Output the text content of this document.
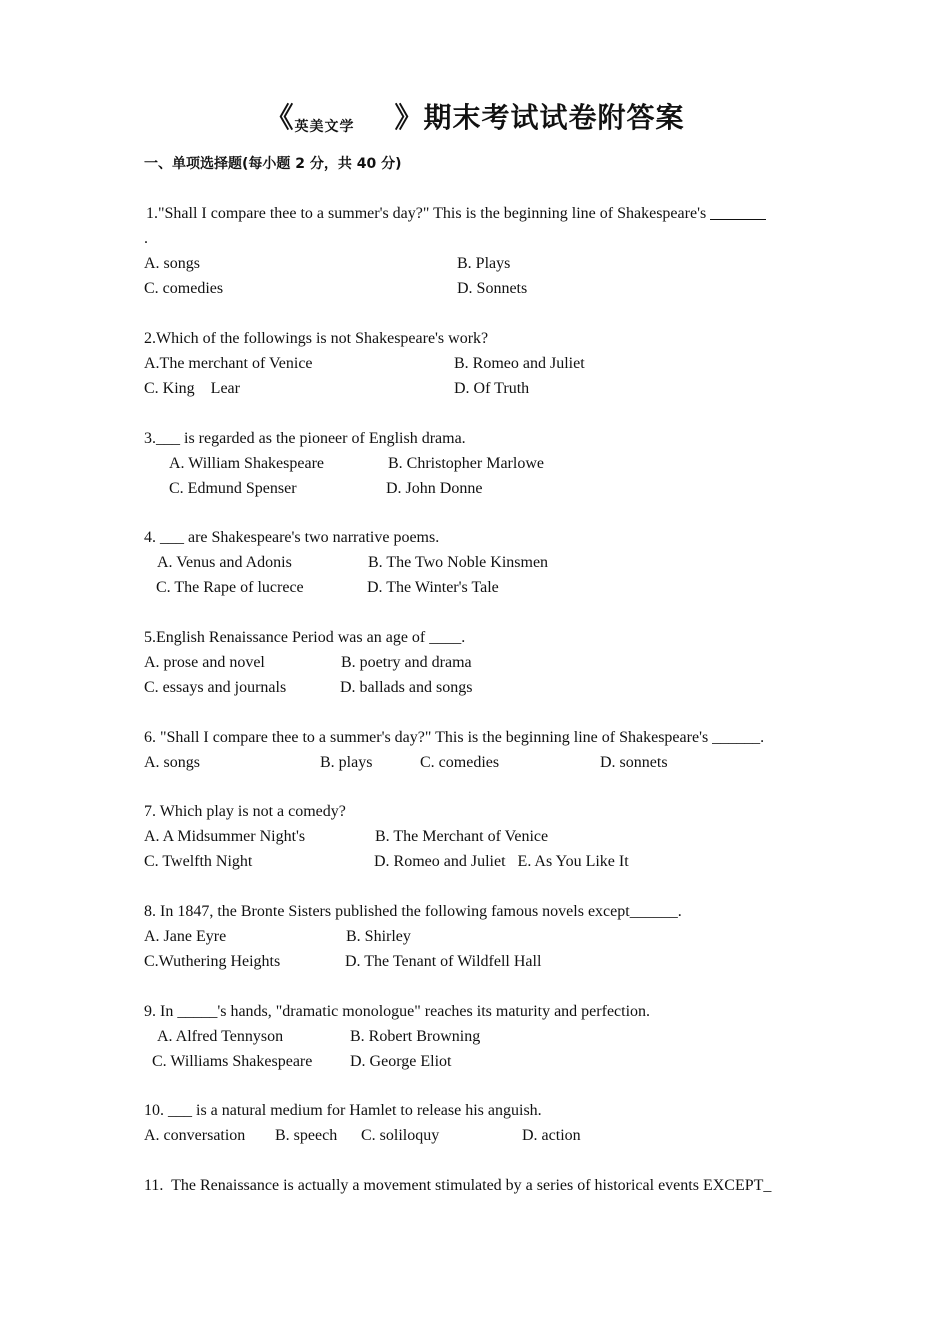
《英美文学 》期末考试试卷附答案
一、单项选择题(每小题 2 分，共 40 分)
1."Shall I compare thee to a summer's day?" This is the beginning line of Shakespeare's
.
A. songs	B. Plays
C. comedies	D. Sonnets
2.Which of the followings is not Shakespeare's work?
A.The merchant of Venice	B. Romeo and Juliet
C. King    Lear	D. Of Truth
3.___ is regarded as the pioneer of English drama.
A. William Shakespeare	B. Christopher Marlowe
C. Edmund Spenser	D. John Donne
4. ___ are Shakespeare's two narrative poems.
A. Venus and Adonis	B. The Two Noble Kinsmen
C. The Rape of lucrece	D. The Winter's Tale
5.English Renaissance Period was an age of ____.
A. prose and novel	B. poetry and drama
C. essays and journals	D. ballads and songs
6. "Shall I compare thee to a summer's day?" This is the beginning line of Shakespeare's ______.
A. songs	B. plays	C. comedies	D. sonnets
7. Which play is not a comedy?
A. A Midsummer Night's	B. The Merchant of Venice
C. Twelfth Night	D. Romeo and Juliet   E. As You Like It
8. In 1847, the Bronte Sisters published the following famous novels except______.
A. Jane Eyre	B. Shirley
C.Wuthering Heights	D. The Tenant of Wildfell Hall
9. In _____'s hands, "dramatic monologue" reaches its maturity and perfection.
A. Alfred Tennyson	B. Robert Browning
C. Williams Shakespeare D. George Eliot
10. ___ is a natural medium for Hamlet to release his anguish.
A. conversation B. speech C. soliloquy	D. action
11.  The Renaissance is actually a movement stimulated by a series of historical events EXCEPT_
